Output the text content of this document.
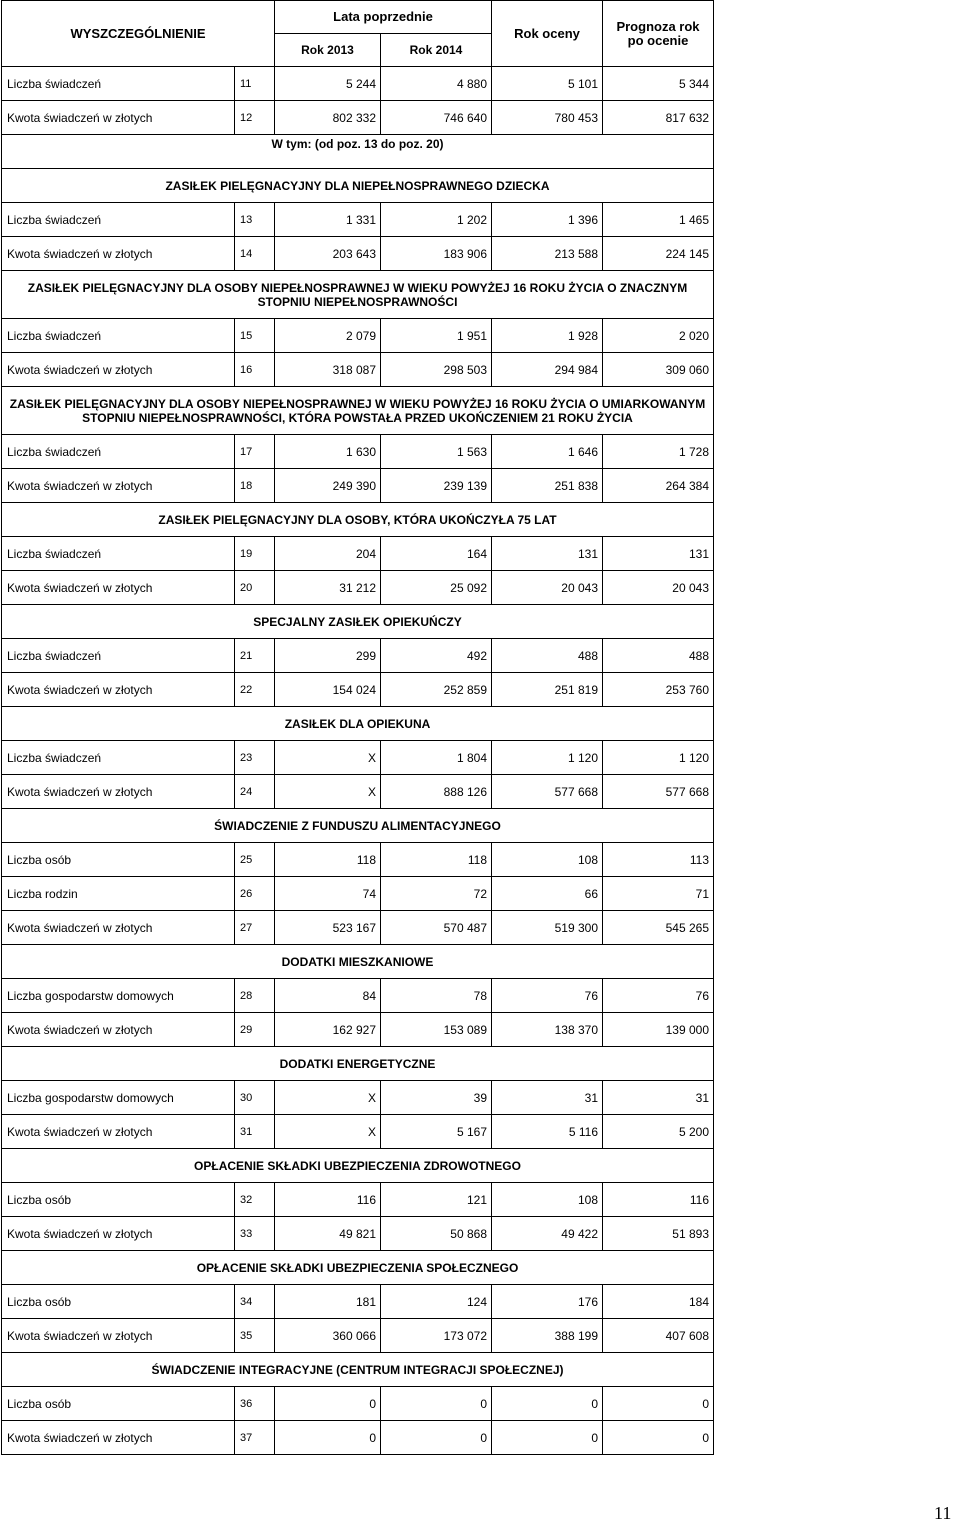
WYSZCZEGÓLNIENIE		Lata poprzednie		Rok oceny	Prognoza rok po ocenie
		Rok 2013	Rok 2014		
Liczba świadczeń	11	5 244	4 880	5 101	5 344
Kwota świadczeń w złotych	12	802 332	746 640	780 453	817 632
W tym: (od poz. 13 do poz. 20)					
ZASIŁEK PIELĘGNACYJNY DLA NIEPEŁNOSPRAWNEGO DZIECKA					
Liczba świadczeń	13	1 331	1 202	1 396	1 465
Kwota świadczeń w złotych	14	203 643	183 906	213 588	224 145
ZASIŁEK PIELĘGNACYJNY DLA OSOBY NIEPEŁNOSPRAWNEJ W WIEKU POWYŻEJ 16 ROKU ŻYCIA O ZNACZNYM STOPNIU NIEPEŁNOSPRAWNOŚCI					
Liczba świadczeń	15	2 079	1 951	1 928	2 020
Kwota świadczeń w złotych	16	318 087	298 503	294 984	309 060
ZASIŁEK PIELĘGNACYJNY DLA OSOBY NIEPEŁNOSPRAWNEJ W WIEKU POWYŻEJ 16 ROKU ŻYCIA O UMIARKOWANYM STOPNIU NIEPEŁNOSPRAWNOŚCI, KTÓRA POWSTAŁA PRZED UKOŃCZENIEM 21 ROKU ŻYCIA					
Liczba świadczeń	17	1 630	1 563	1 646	1 728
Kwota świadczeń w złotych	18	249 390	239 139	251 838	264 384
ZASIŁEK PIELĘGNACYJNY DLA OSOBY, KTÓRA UKOŃCZYŁA 75 LAT					
Liczba świadczeń	19	204	164	131	131
Kwota świadczeń w złotych	20	31 212	25 092	20 043	20 043
SPECJALNY ZASIŁEK OPIEKUŃCZY					
Liczba świadczeń	21	299	492	488	488
Kwota świadczeń w złotych	22	154 024	252 859	251 819	253 760
ZASIŁEK DLA OPIEKUNA					
Liczba świadczeń	23	X	1 804	1 120	1 120
Kwota świadczeń w złotych	24	X	888 126	577 668	577 668
ŚWIADCZENIE Z FUNDUSZU ALIMENTACYJNEGO					
Liczba osób	25	118	118	108	113
Liczba rodzin	26	74	72	66	71
Kwota świadczeń w złotych	27	523 167	570 487	519 300	545 265
DODATKI MIESZKANIOWE					
Liczba gospodarstw domowych	28	84	78	76	76
Kwota świadczeń w złotych	29	162 927	153 089	138 370	139 000
DODATKI ENERGETYCZNE					
Liczba gospodarstw domowych	30	X	39	31	31
Kwota świadczeń w złotych	31	X	5 167	5 116	5 200
OPŁACENIE SKŁADKI UBEZPIECZENIA ZDROWOTNEGO					
Liczba osób	32	116	121	108	116
Kwota świadczeń w złotych	33	49 821	50 868	49 422	51 893
OPŁACENIE SKŁADKI UBEZPIECZENIA SPOŁECZNEGO					
Liczba osób	34	181	124	176	184
Kwota świadczeń w złotych	35	360 066	173 072	388 199	407 608
ŚWIADCZENIE INTEGRACYJNE (CENTRUM INTEGRACJI SPOŁECZNEJ)					
Liczba osób	36	0	0	0	0
Kwota świadczeń w złotych	37	0	0	0	0
11
